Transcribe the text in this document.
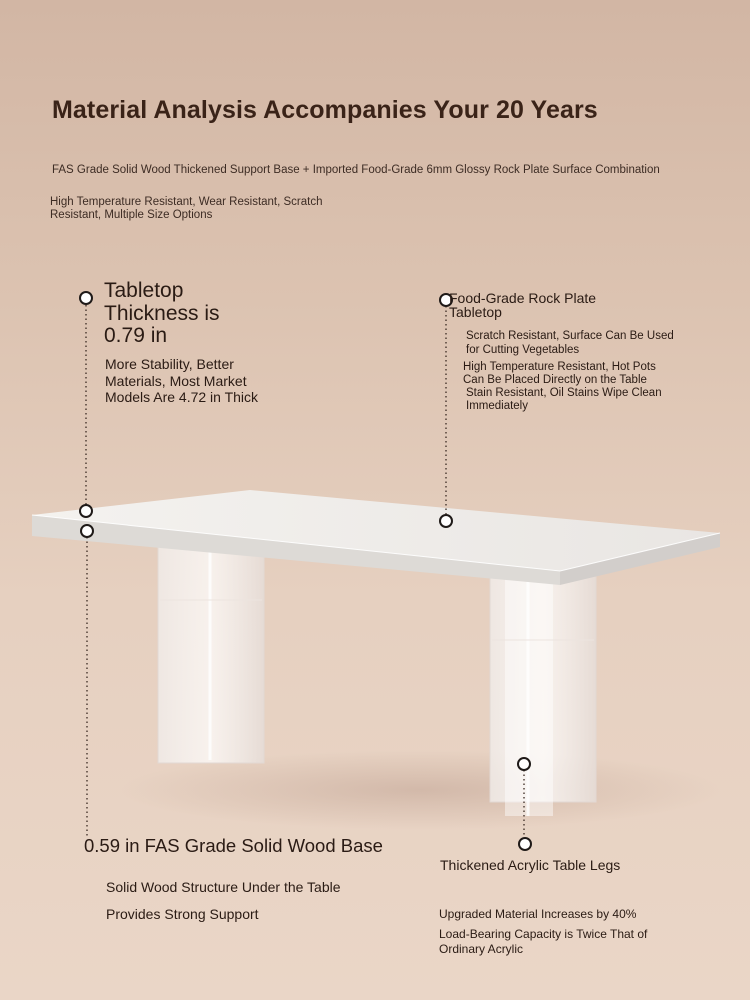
Material Analysis Accompanies Your 20 Years

FAS Grade Solid Wood Thickened Support Base + Imported Food-Grade 6mm Glossy Rock Plate Surface Combination

High Temperature Resistant, Wear Resistant, Scratch Resistant, Multiple Size Options

Tabletop Thickness is 0.79 in
More Stability, Better Materials, Most Market Models Are 4.72 in Thick
Food-Grade Rock Plate Tabletop
Scratch Resistant, Surface Can Be Used for Cutting Vegetables
High Temperature Resistant, Hot Pots Can Be Placed Directly on the Table
Stain Resistant, Oil Stains Wipe Clean Immediately
0.59 in FAS Grade Solid Wood Base
Solid Wood Structure Under the Table
Provides Strong Support
Thickened Acrylic Table Legs
Upgraded Material Increases by 40%
Load-Bearing Capacity is Twice That of Ordinary Acrylic
